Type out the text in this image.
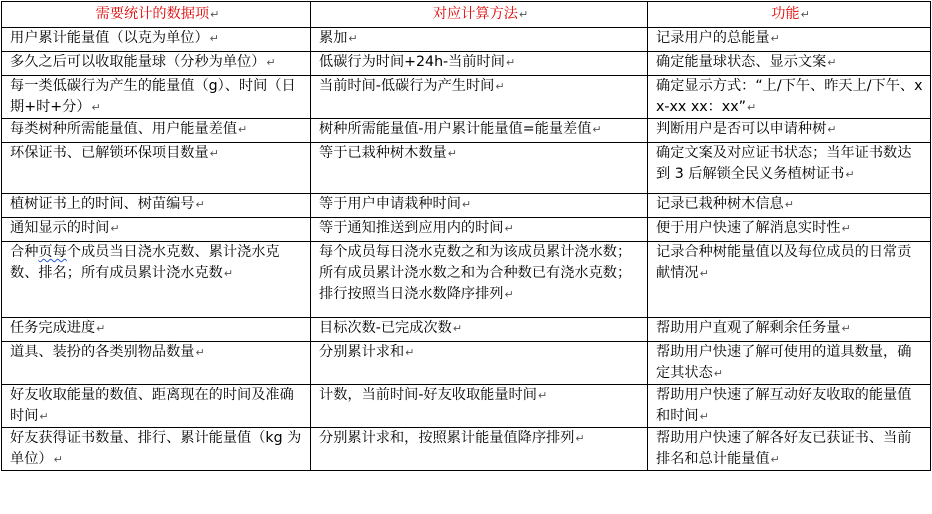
需要统计的数据项↵	对应计算方法↵	功能↵
用户累计能量值（以克为单位）↵	累加↵	记录用户的总能量↵
多久之后可以收取能量球（分秒为单位）↵	低碳行为时间+24h-当前时间↵	确定能量球状态、显示文案↵
每一类低碳行为产生的能量值（g）、时间（日期+时+分）↵	当前时间-低碳行为产生时间↵	确定显示方式：“上/下午、昨天上/下午、xx-xx xx：xx”↵
每类树种所需能量值、用户能量差值↵	树种所需能量值-用户累计能量值=能量差值↵	判断用户是否可以申请种树↵
环保证书、已解锁环保项目数量↵	等于已栽种树木数量↵	确定文案及对应证书状态；当年证书数达到 3 后解锁全民义务植树证书↵
植树证书上的时间、树苗编号↵	等于用户申请栽种时间↵	记录已栽种树木信息↵
通知显示的时间↵	等于通知推送到应用内的时间↵	便于用户快速了解消息实时性↵
合种页每个成员当日浇水克数、累计浇水克数、排名；所有成员累计浇水克数↵	每个成员每日浇水克数之和为该成员累计浇水数；所有成员累计浇水数之和为合种数已有浇水克数；排行按照当日浇水数降序排列↵	记录合种树能量值以及每位成员的日常贡献情况↵
任务完成进度↵	目标次数-已完成次数↵	帮助用户直观了解剩余任务量↵
道具、装扮的各类别物品数量↵	分别累计求和↵	帮助用户快速了解可使用的道具数量，确定其状态↵
好友收取能量的数值、距离现在的时间及准确时间↵	计数，当前时间-好友收取能量时间↵	帮助用户快速了解互动好友收取的能量值和时间↵
好友获得证书数量、排行、累计能量值（kg 为单位）↵	分别累计求和，按照累计能量值降序排列↵	帮助用户快速了解各好友已获证书、当前排名和总计能量值↵
